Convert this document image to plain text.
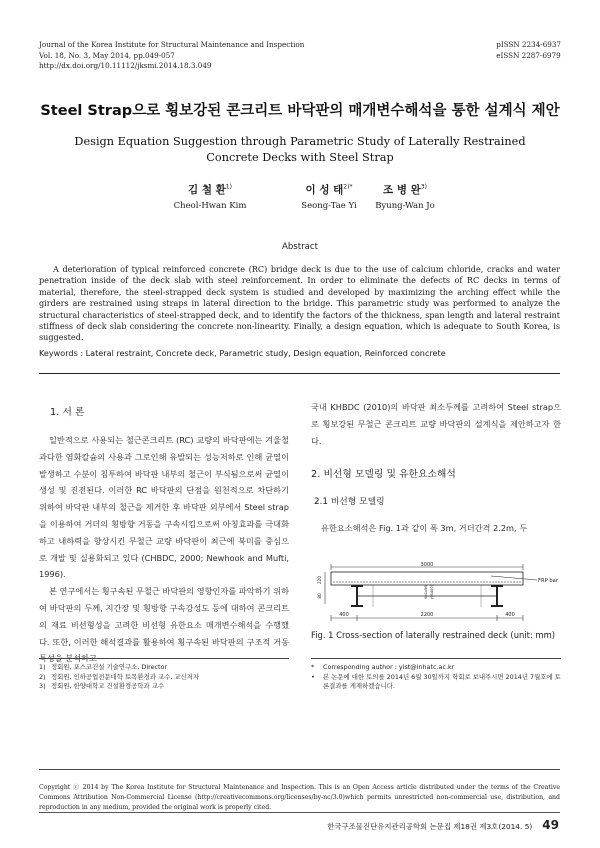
Journal of the Korea Institute for Structural Maintenance and Inspection
Vol. 18, No. 3, May 2014, pp.049-057
http://dx.doi.org/10.11112/jksmi.2014.18.3.049
pISSN 2234-6937
eISSN 2287-6979
Steel Strap으로 횡보강된 콘크리트 바닥판의 매개변수해석을 통한 설계식 제안
Design Equation Suggestion through Parametric Study of Laterally Restrained Concrete Decks with Steel Strap
김 철 환$^{1)}$
Cheol-Hwan Kim
이 성 태$^{2)*}$
Seong-Tae Yi
조 병 완$^{3)}$
Byung-Wan Jo
Abstract
A deterioration of typical reinforced concrete (RC) bridge deck is due to the use of calcium chloride, cracks and water penetration inside of the deck slab with steel reinforcement. In order to eliminate the defects of RC decks in terms of material, therefore, the steel-strapped deck system is studied and developed by maximizing the arching effect while the girders are restrained using straps in lateral direction to the bridge. This parametric study was performed to analyze the structural characteristics of steel-strapped deck, and to identify the factors of the thickness, span length and lateral restraint stiffness of deck slab considering the concrete non-linearity. Finally, a design equation, which is adequate to South Korea, is suggested.
Keywords : Lateral restraint, Concrete deck, Parametric study, Design equation, Reinforced concrete
1. 서 론

일반적으로 사용되는 철근콘크리트 (RC) 교량의 바닥판에는 겨울철 과다한 염화칼슘의 사용과 그로인해 유발되는 성능저하로 인해 균열이 발생하고 수분이 침투하여 바닥판 내부의 철근이 부식됨으로써 균열이 생성 및 진전된다. 이러한 RC 바닥판의 단점을 원천적으로 차단하기 위하여 바닥판 내부의 철근을 제거한 후 바닥판 외부에서 Steel strap을 이용하여 거더의 횡방향 거동을 구속시킴으로써 아칭효과를 극대화하고 내하력을 향상시킨 무철근 교량 바닥판이 최근에 북미를 중심으로 개발 및 실용화되고 있다 (CHBDC, 2000; Newhook and Mufti, 1996).

본 연구에서는 횡구속된 무철근 바닥판의 영향인자를 파악하기 위하여 바닥판의 두께, 지간장 및 횡방향 구속강성도 등에 대하여 콘크리트의 재료 비선형성을 고려한 비선형 유한요소 매개변수해석을 수행했다. 또한, 이러한 해석결과를 활용하여 횡구속된 바닥판의 구조적 거동특성을 분석하고

국내 KHBDC (2010)의 바닥판 최소두께를 고려하여 Steel strap으로 횡보강된 무철근 콘크리트 교량 바닥판의 설계식을 제안하고자 한다.

2. 비선형 모델링 및 유한요소해석
2.1 비선형 모델링

유한요소해석은 Fig. 1과 같이 폭 3m, 거더간격 2.2m, 두

3000
FRP bar
220
80	6x1x56 (SS400)
400	2200	400
Fig. 1 Cross-section of laterally restrained deck (unit: mm)
1) 정회원, 포스코건설 기술연구소, Director
2) 정회원, 인하공업전문대학 토목환경과 교수, 교신저자
3) 정회원, 한양대학교 건설환경공학과 교수
*	Corresponding author : yist@inhatc.ac.kr
•	본 논문에 대한 토의를 2014년 6월 30일까지 학회로 보내주시면 2014년 7월호에 토론결과를 게재하겠습니다.
Copyright ⓒ 2014 by The Korea Institute for Structural Maintenance and Inspection. This is an Open Access article distributed under the terms of the Creative Commons Attribution Non-Commercial License (http://creativecommons.org/licenses/by-nc/3.0)which permits unrestricted non-commercial use, distribution, and reproduction in any medium, provided the original work is properly cited.
한국구조물진단유지관리공학회 논문집 제18권 제3호(2014. 5) 49
